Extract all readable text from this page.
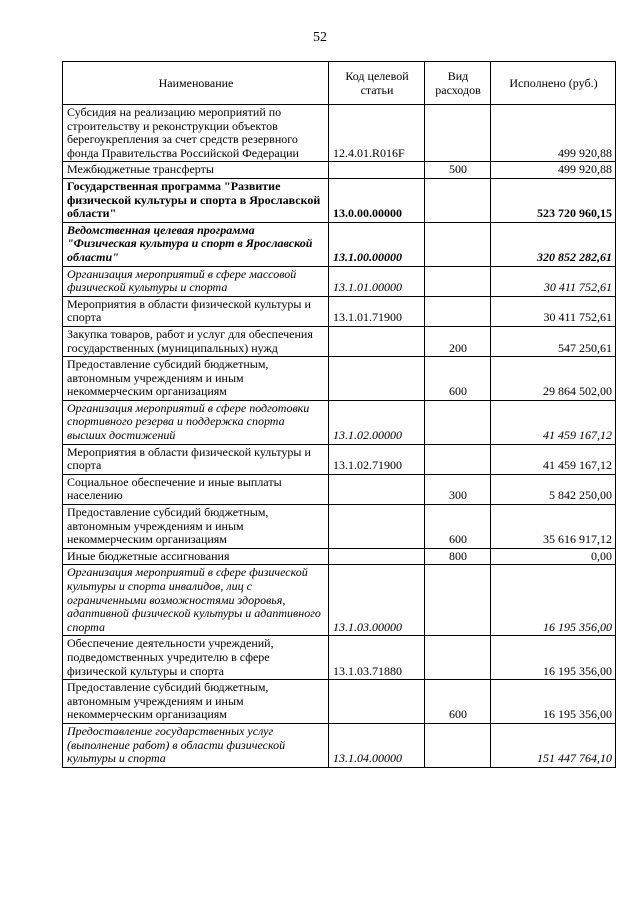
52
Наименование	Код целевой статьи	Вид расходов	Исполнено (руб.)
Субсидия на реализацию мероприятий по строительству и реконструкции объектов берегоукрепления за счет средств резервного фонда Правительства Российской Федерации	12.4.01.R016F		499 920,88
Межбюджетные трансферты		500	499 920,88
Государственная программа "Развитие физической культуры и спорта в Ярославской области"	13.0.00.00000		523 720 960,15
Ведомственная целевая программа "Физическая культура и спорт в Ярославской области"	13.1.00.00000		320 852 282,61
Организация мероприятий в сфере массовой физической культуры и спорта	13.1.01.00000		30 411 752,61
Мероприятия в области физической культуры и спорта	13.1.01.71900		30 411 752,61
Закупка товаров, работ и услуг для обеспечения государственных (муниципальных) нужд		200	547 250,61
Предоставление субсидий бюджетным, автономным учреждениям и иным некоммерческим организациям		600	29 864 502,00
Организация мероприятий в сфере подготовки спортивного резерва и поддержка спорта высших достижений	13.1.02.00000		41 459 167,12
Мероприятия в области физической культуры и спорта	13.1.02.71900		41 459 167,12
Социальное обеспечение и иные выплаты населению		300	5 842 250,00
Предоставление субсидий бюджетным, автономным учреждениям и иным некоммерческим организациям		600	35 616 917,12
Иные бюджетные ассигнования		800	0,00
Организация мероприятий в сфере физической культуры и спорта инвалидов, лиц с ограниченными возможностями здоровья, адаптивной физической культуры и адаптивного спорта	13.1.03.00000		16 195 356,00
Обеспечение деятельности учреждений, подведомственных учредителю в сфере физической культуры и спорта	13.1.03.71880		16 195 356,00
Предоставление субсидий бюджетным, автономным учреждениям и иным некоммерческим организациям		600	16 195 356,00
Предоставление государственных услуг (выполнение работ) в области физической культуры и спорта	13.1.04.00000		151 447 764,10
